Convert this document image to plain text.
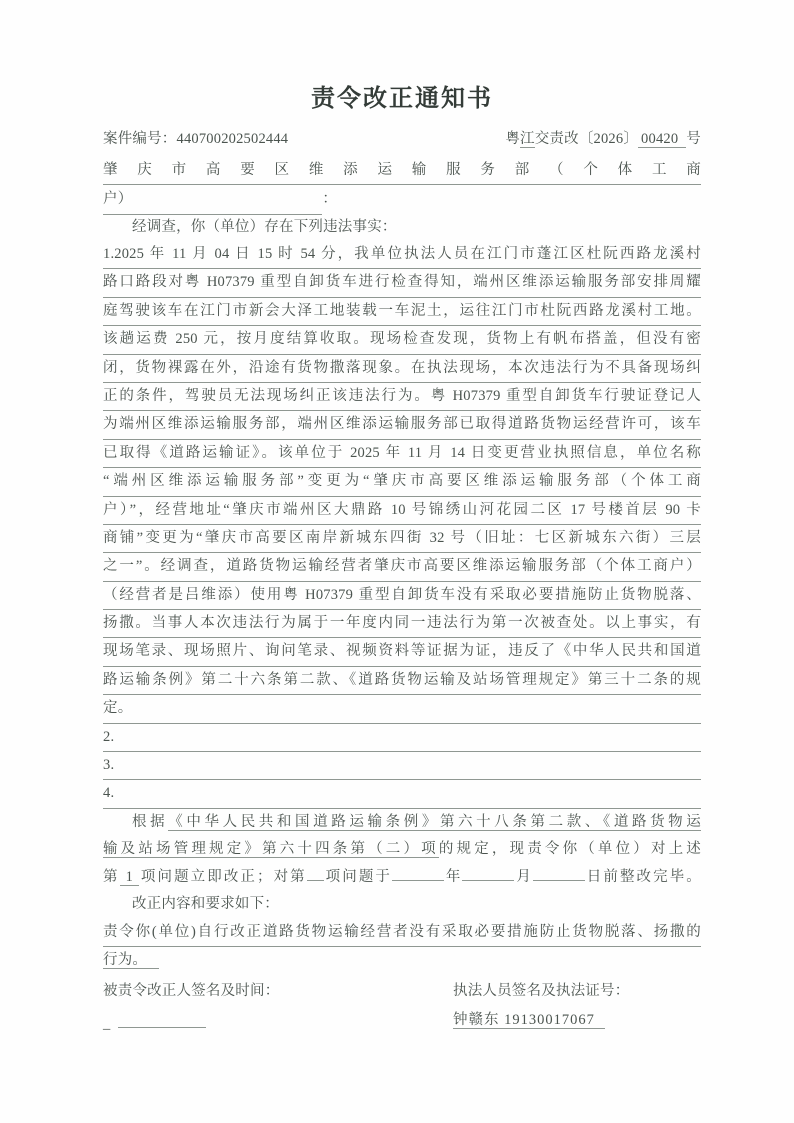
责令改正通知书
案件编号：440700202502444	粤江交责改〔2026〕 00420 号
肇庆市高要区维添运输服务部（个体工商
户）	：
经调查，你（单位）存在下列违法事实：
1.2025 年 11 月 04 日 15 时 54 分，我单位执法人员在江门市蓬江区杜阮西路龙溪村
路口路段对粤 H07379 重型自卸货车进行检查得知，端州区维添运输服务部安排周耀
庭驾驶该车在江门市新会大泽工地装载一车泥土，运往江门市杜阮西路龙溪村工地。
该趟运费 250 元，按月度结算收取。现场检查发现，货物上有帆布搭盖，但没有密
闭，货物裸露在外，沿途有货物撒落现象。在执法现场，本次违法行为不具备现场纠
正的条件，驾驶员无法现场纠正该违法行为。粤 H07379 重型自卸货车行驶证登记人
为端州区维添运输服务部，端州区维添运输服务部已取得道路货物运经营许可，该车
已取得《道路运输证》。该单位于 2025 年 11 月 14 日变更营业执照信息，单位名称
“端州区维添运输服务部”变更为“肇庆市高要区维添运输服务部（个体工商
户）”，经营地址“肇庆市端州区大鼎路 10 号锦绣山河花园二区 17 号楼首层 90 卡
商铺”变更为“肇庆市高要区南岸新城东四街 32 号（旧址：七区新城东六街）三层
之一”。经调查，道路货物运输经营者肇庆市高要区维添运输服务部（个体工商户）
（经营者是吕维添）使用粤 H07379 重型自卸货车没有采取必要措施防止货物脱落、
扬撒。当事人本次违法行为属于一年度内同一违法行为第一次被查处。以上事实，有
现场笔录、现场照片、询问笔录、视频资料等证据为证，违反了《中华人民共和国道
路运输条例》第二十六条第二款、《道路货物运输及站场管理规定》第三十二条的规
定。
2.
3.
4.
根据《中华人民共和国道路运输条例》第六十八条第二款、《道路货物运
输及站场管理规定》第六十四条第（二）项的规定，现责令你（单位）对上述
第 1 项问题立即改正；对第 项问题于	年	月	日前整改完毕。
改正内容和要求如下：
责令你(单位)自行改正道路货物运输经营者没有采取必要措施防止货物脱落、扬撒的
行为。
被责令改正人签名及时间：
_
执法人员签名及执法证号：
钟赣东 19130017067
